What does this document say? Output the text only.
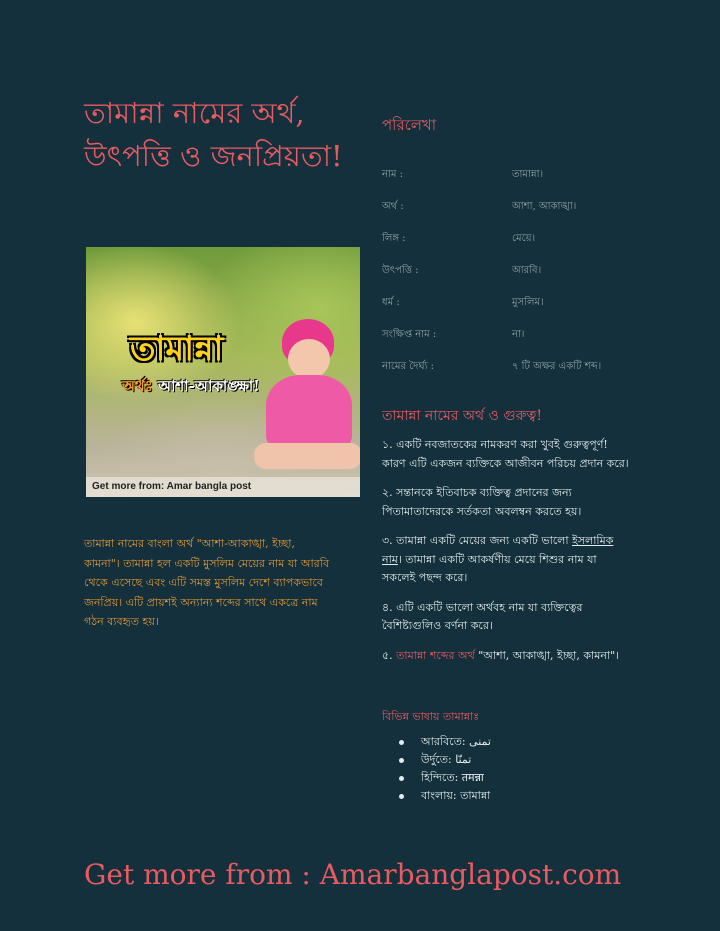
তামান্না নামের অর্থ, উৎপত্তি ও জনপ্রিয়তা!
তামান্না
অর্থঃ আশা-আকাঙ্ক্ষা!
Get more from: Amar bangla post

তামান্না নামের বাংলা অর্থ "আশা-আকাঙ্খা, ইচ্ছা, কামনা"। তামান্না হল একটি মুসলিম মেয়ের নাম যা আরবি থেকে এসেছে এবং এটি সমস্ত মুসলিম দেশে ব্যাপকভাবে জনপ্রিয়। এটি প্রায়শই অন্যান্য শব্দের সাথে একত্রে নাম গঠন ব্যবহৃত হয়।

পরিলেখা
নাম :	তামান্না।
অর্থ :	আশা, আকাঙ্খা।
লিঙ্গ :	মেয়ে।
উৎপত্তি :	আরবি।
ধর্ম :	মুসলিম।
সংক্ষিপ্ত নাম :	না।
নামের দৈর্ঘ্য :	৭ টি অক্ষর একটি শব্দ।
তামান্না নামের অর্থ ও গুরুত্ব!

১. একটি নবজাতকের নামকরণ করা খুবই গুরুত্বপূর্ণ! কারণ এটি একজন ব্যক্তিকে আজীবন পরিচয় প্রদান করে।

২. সন্তানকে ইতিবাচক ব্যক্তিত্ব প্রদানের জন্য পিতামাতাদেরকে সর্তকতা অবলম্বন করতে হয়।

৩. তামান্না একটি মেয়ের জন্য একটি ভালো ইসলামিক নাম। তামান্না একটি আকর্ষণীয় মেয়ে শিশুর নাম যা সকলেই পছন্দ করে।

৪. এটি একটি ভালো অর্থবহ নাম যা ব্যক্তিত্বের বৈশিষ্ট্যগুলিও বর্ণনা করে।

৫. তামান্না শব্দের অর্থ "আশা, আকাঙ্খা, ইচ্ছা, কামনা"।

বিভিন্ন ভাষায় তামান্নাঃ
আরবিতে: تمنى
উর্দুতে: تمنّا
হিন্দিতে: तमन्ना
বাংলায়: তামান্না

Get more from : Amarbanglapost.com
